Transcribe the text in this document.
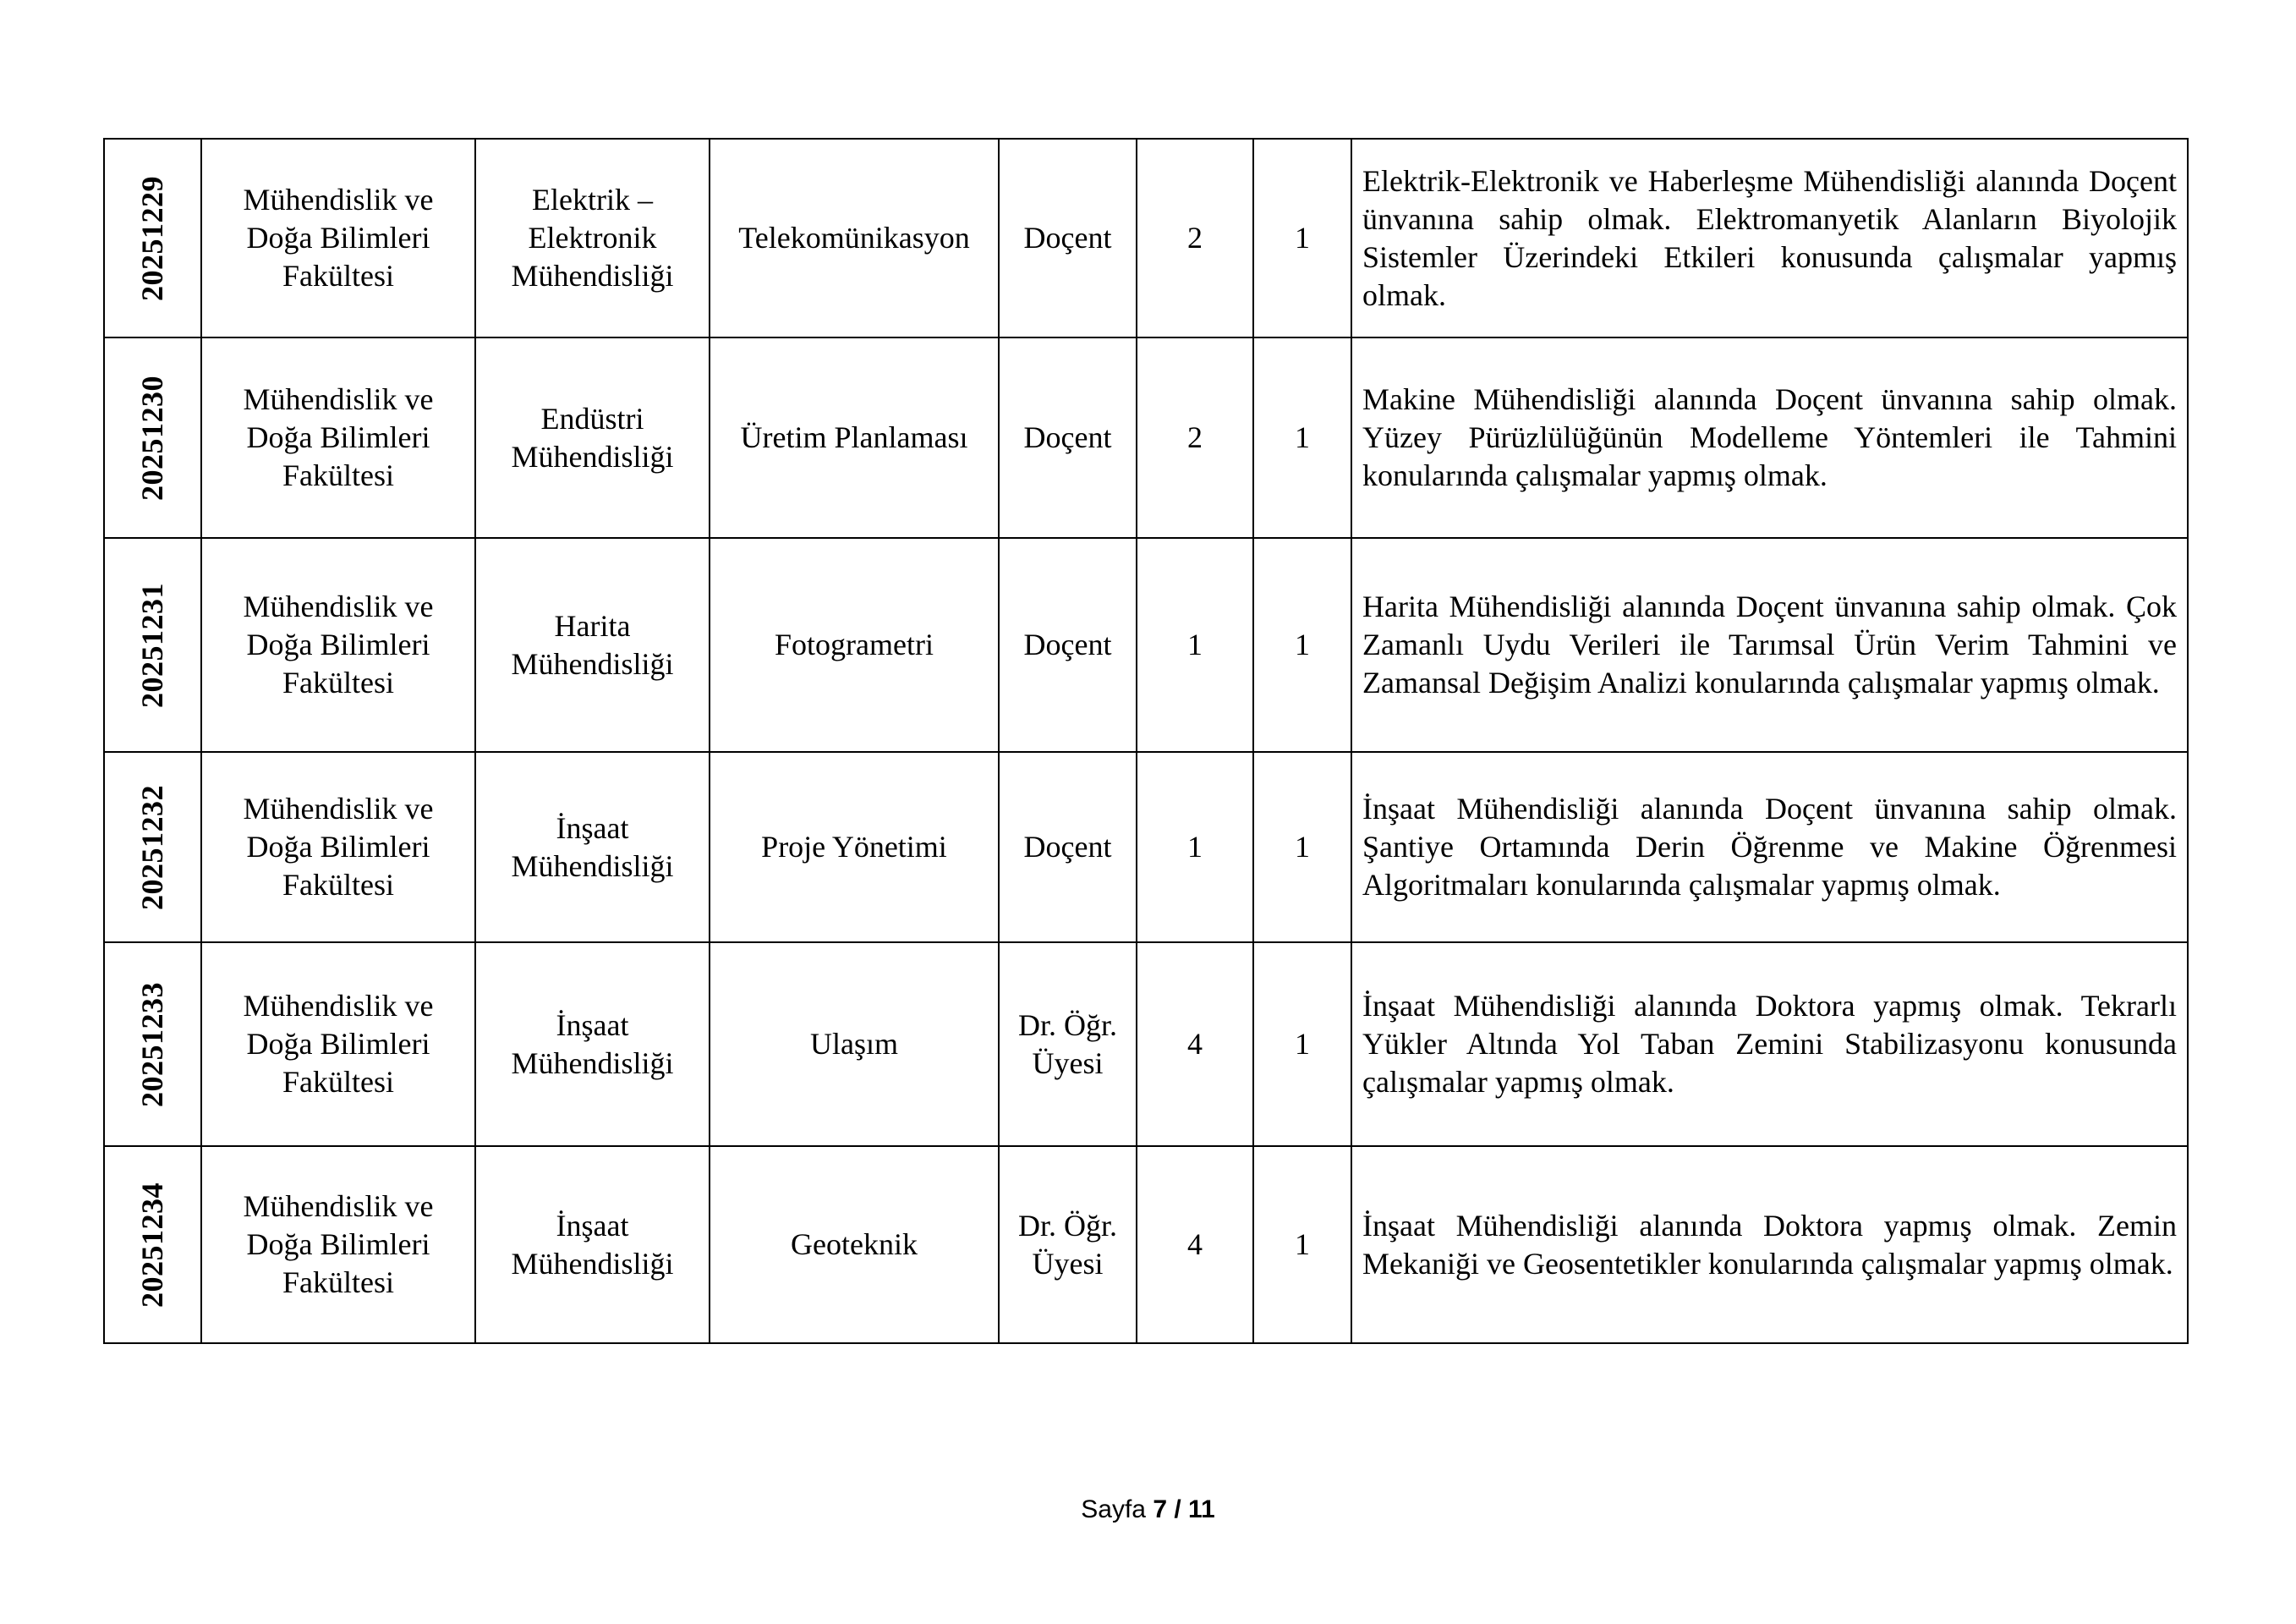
20251229	Mühendislik ve Doğa Bilimleri Fakültesi	Elektrik – Elektronik Mühendisliği	Telekomünikasyon	Doçent	2	1	Elektrik-Elektronik ve Haberleşme Mühendisliği alanında Doçent ünvanına sahip olmak. Elektromanyetik Alanların Biyolojik Sistemler Üzerindeki Etkileri konusunda çalışmalar yapmış olmak.

20251230	Mühendislik ve Doğa Bilimleri Fakültesi	Endüstri Mühendisliği	Üretim Planlaması	Doçent	2	1	Makine Mühendisliği alanında Doçent ünvanına sahip olmak. Yüzey Pürüzlülüğünün Modelleme Yöntemleri ile Tahmini konularında çalışmalar yapmış olmak.

20251231	Mühendislik ve Doğa Bilimleri Fakültesi	Harita Mühendisliği	Fotogrametri	Doçent	1	1	Harita Mühendisliği alanında Doçent ünvanına sahip olmak. Çok Zamanlı Uydu Verileri ile Tarımsal Ürün Verim Tahmini ve Zamansal Değişim Analizi konularında çalışmalar yapmış olmak.

20251232	Mühendislik ve Doğa Bilimleri Fakültesi	İnşaat Mühendisliği	Proje Yönetimi	Doçent	1	1	İnşaat Mühendisliği alanında Doçent ünvanına sahip olmak. Şantiye Ortamında Derin Öğrenme ve Makine Öğrenmesi Algoritmaları konularında çalışmalar yapmış olmak.

20251233	Mühendislik ve Doğa Bilimleri Fakültesi	İnşaat Mühendisliği	Ulaşım	Dr. Öğr. Üyesi	4	1	İnşaat Mühendisliği alanında Doktora yapmış olmak. Tekrarlı Yükler Altında Yol Taban Zemini Stabilizasyonu konusunda çalışmalar yapmış olmak.

20251234	Mühendislik ve Doğa Bilimleri Fakültesi	İnşaat Mühendisliği	Geoteknik	Dr. Öğr. Üyesi	4	1	İnşaat Mühendisliği alanında Doktora yapmış olmak. Zemin Mekaniği ve Geosentetikler konularında çalışmalar yapmış olmak.
Sayfa 7 / 11
